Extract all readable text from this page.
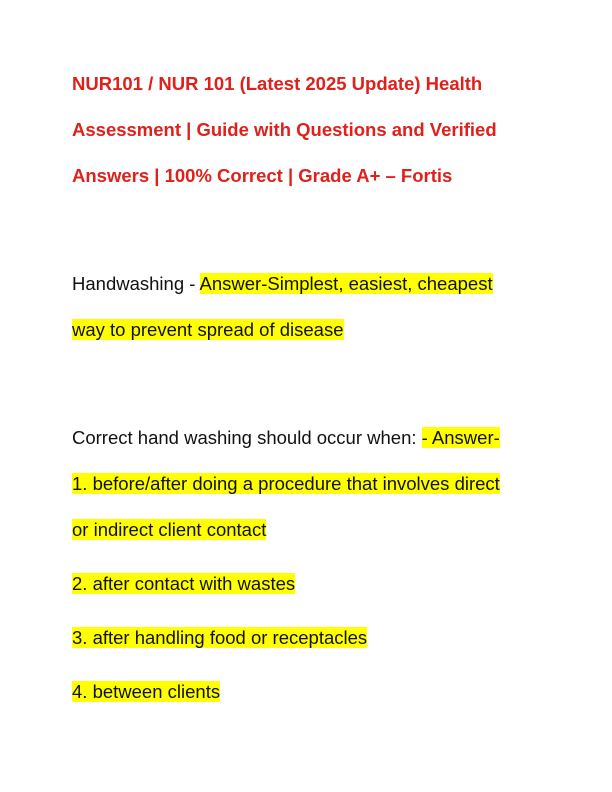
NUR101 / NUR 101 (Latest 2025 Update) Health
Assessment | Guide with Questions and Verified
Answers | 100% Correct | Grade A+ – Fortis
Handwashing - Answer-Simplest, easiest, cheapest
way to prevent spread of disease
Correct hand washing should occur when: - Answer-
1. before/after doing a procedure that involves direct
or indirect client contact
2. after contact with wastes
3. after handling food or receptacles
4. between clients
